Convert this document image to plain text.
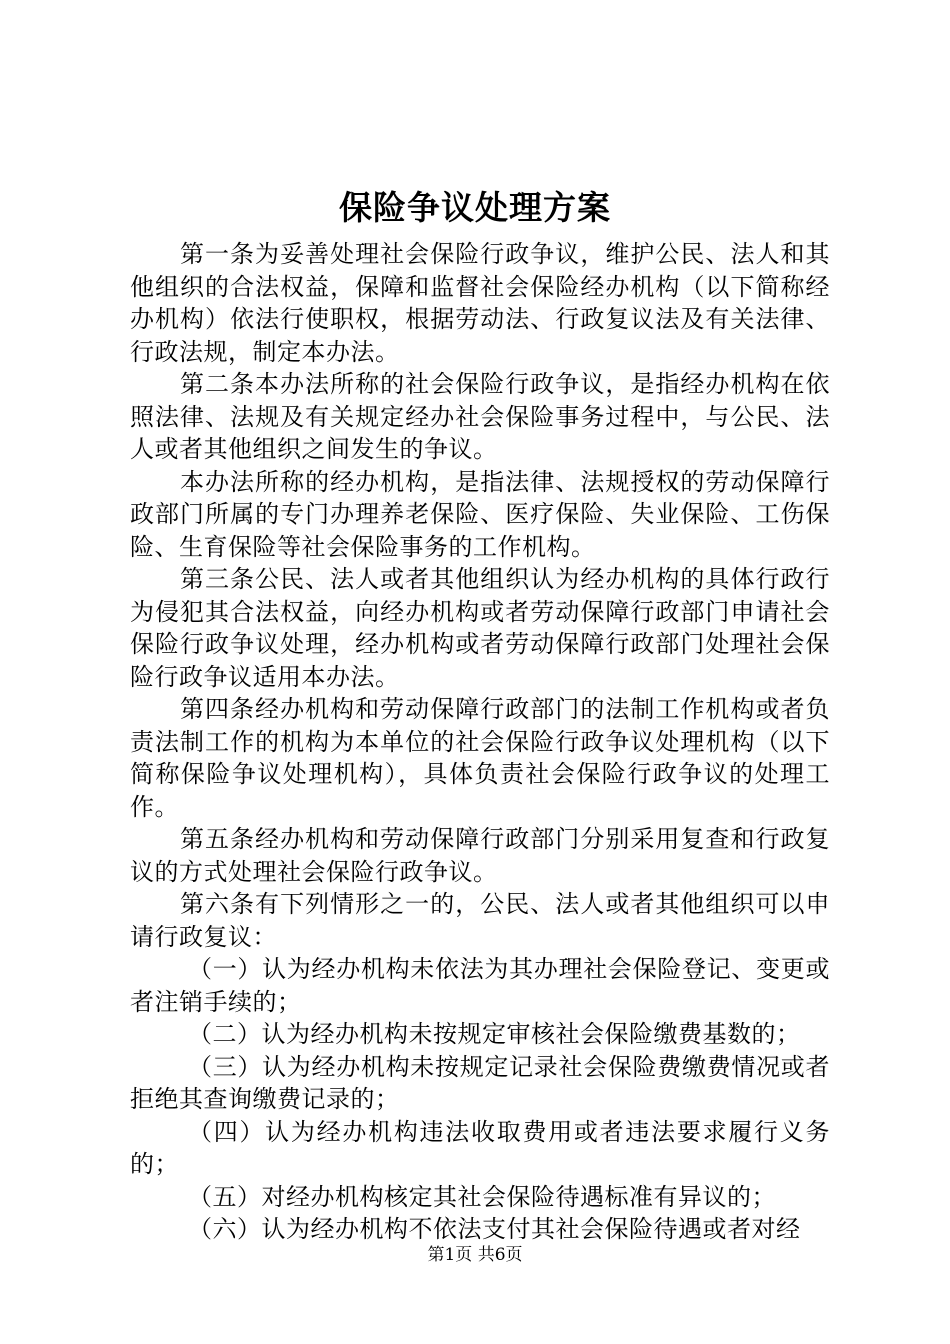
保险争议处理方案

第一条为妥善处理社会保险行政争议，维护公民、法人和其他组织的合法权益，保障和监督社会保险经办机构（以下简称经办机构）依法行使职权，根据劳动法、行政复议法及有关法律、行政法规，制定本办法。

第二条本办法所称的社会保险行政争议，是指经办机构在依照法律、法规及有关规定经办社会保险事务过程中，与公民、法人或者其他组织之间发生的争议。

本办法所称的经办机构，是指法律、法规授权的劳动保障行政部门所属的专门办理养老保险、医疗保险、失业保险、工伤保险、生育保险等社会保险事务的工作机构。

第三条公民、法人或者其他组织认为经办机构的具体行政行为侵犯其合法权益，向经办机构或者劳动保障行政部门申请社会保险行政争议处理，经办机构或者劳动保障行政部门处理社会保险行政争议适用本办法。

第四条经办机构和劳动保障行政部门的法制工作机构或者负责法制工作的机构为本单位的社会保险行政争议处理机构（以下简称保险争议处理机构），具体负责社会保险行政争议的处理工作。

第五条经办机构和劳动保障行政部门分别采用复查和行政复议的方式处理社会保险行政争议。

第六条有下列情形之一的，公民、法人或者其他组织可以申请行政复议：

（一）认为经办机构未依法为其办理社会保险登记、变更或者注销手续的；

（二）认为经办机构未按规定审核社会保险缴费基数的；

（三）认为经办机构未按规定记录社会保险费缴费情况或者拒绝其查询缴费记录的；

（四）认为经办机构违法收取费用或者违法要求履行义务的；

（五）对经办机构核定其社会保险待遇标准有异议的；

（六）认为经办机构不依法支付其社会保险待遇或者对经

第1页 共6页
